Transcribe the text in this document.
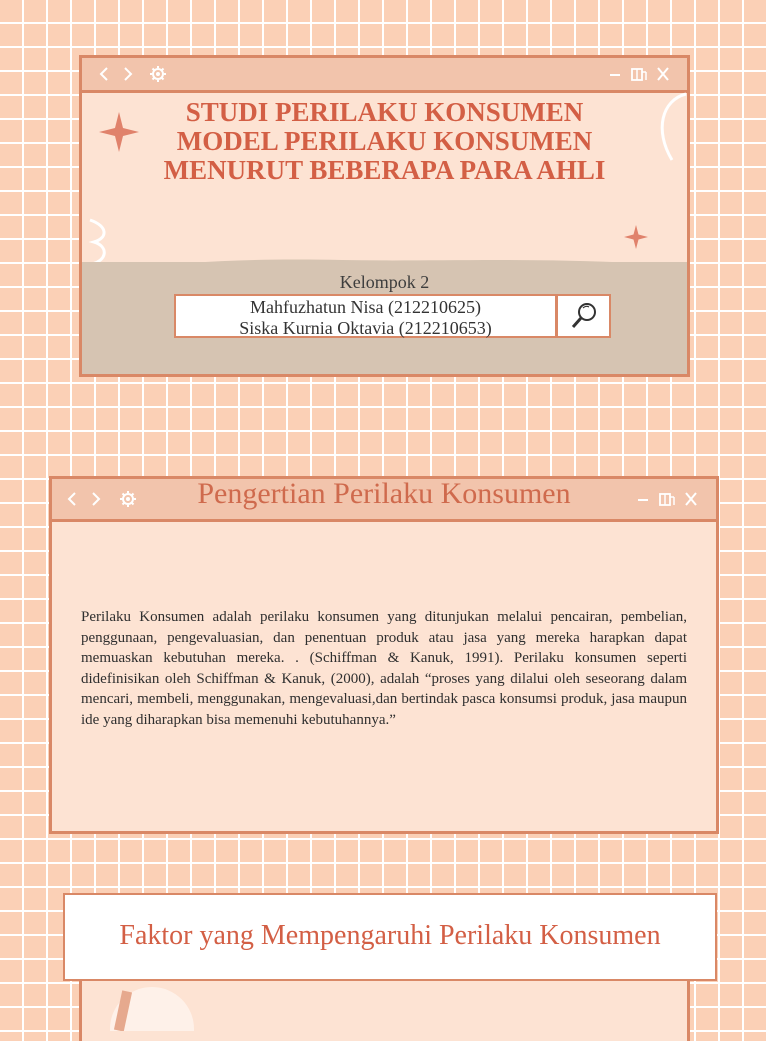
STUDI PERILAKU KONSUMEN
MODEL PERILAKU KONSUMEN
MENURUT BEBERAPA PARA AHLI
Kelompok 2
Mahfuzhatun Nisa (212210625)
Siska Kurnia Oktavia (212210653)
Pengertian Perilaku Konsumen
Perilaku Konsumen adalah perilaku konsumen yang ditunjukan melalui pencairan, pembelian, penggunaan, pengevaluasian, dan penentuan produk atau jasa yang mereka harapkan dapat memuaskan kebutuhan mereka. . (Schiffman & Kanuk, 1991). Perilaku konsumen seperti didefinisikan oleh Schiffman & Kanuk, (2000), adalah “proses yang dilalui oleh seseorang dalam mencari, membeli, menggunakan, mengevaluasi,dan bertindak pasca konsumsi produk, jasa maupun ide yang diharapkan bisa memenuhi kebutuhannya.”
Faktor yang Mempengaruhi Perilaku Konsumen
